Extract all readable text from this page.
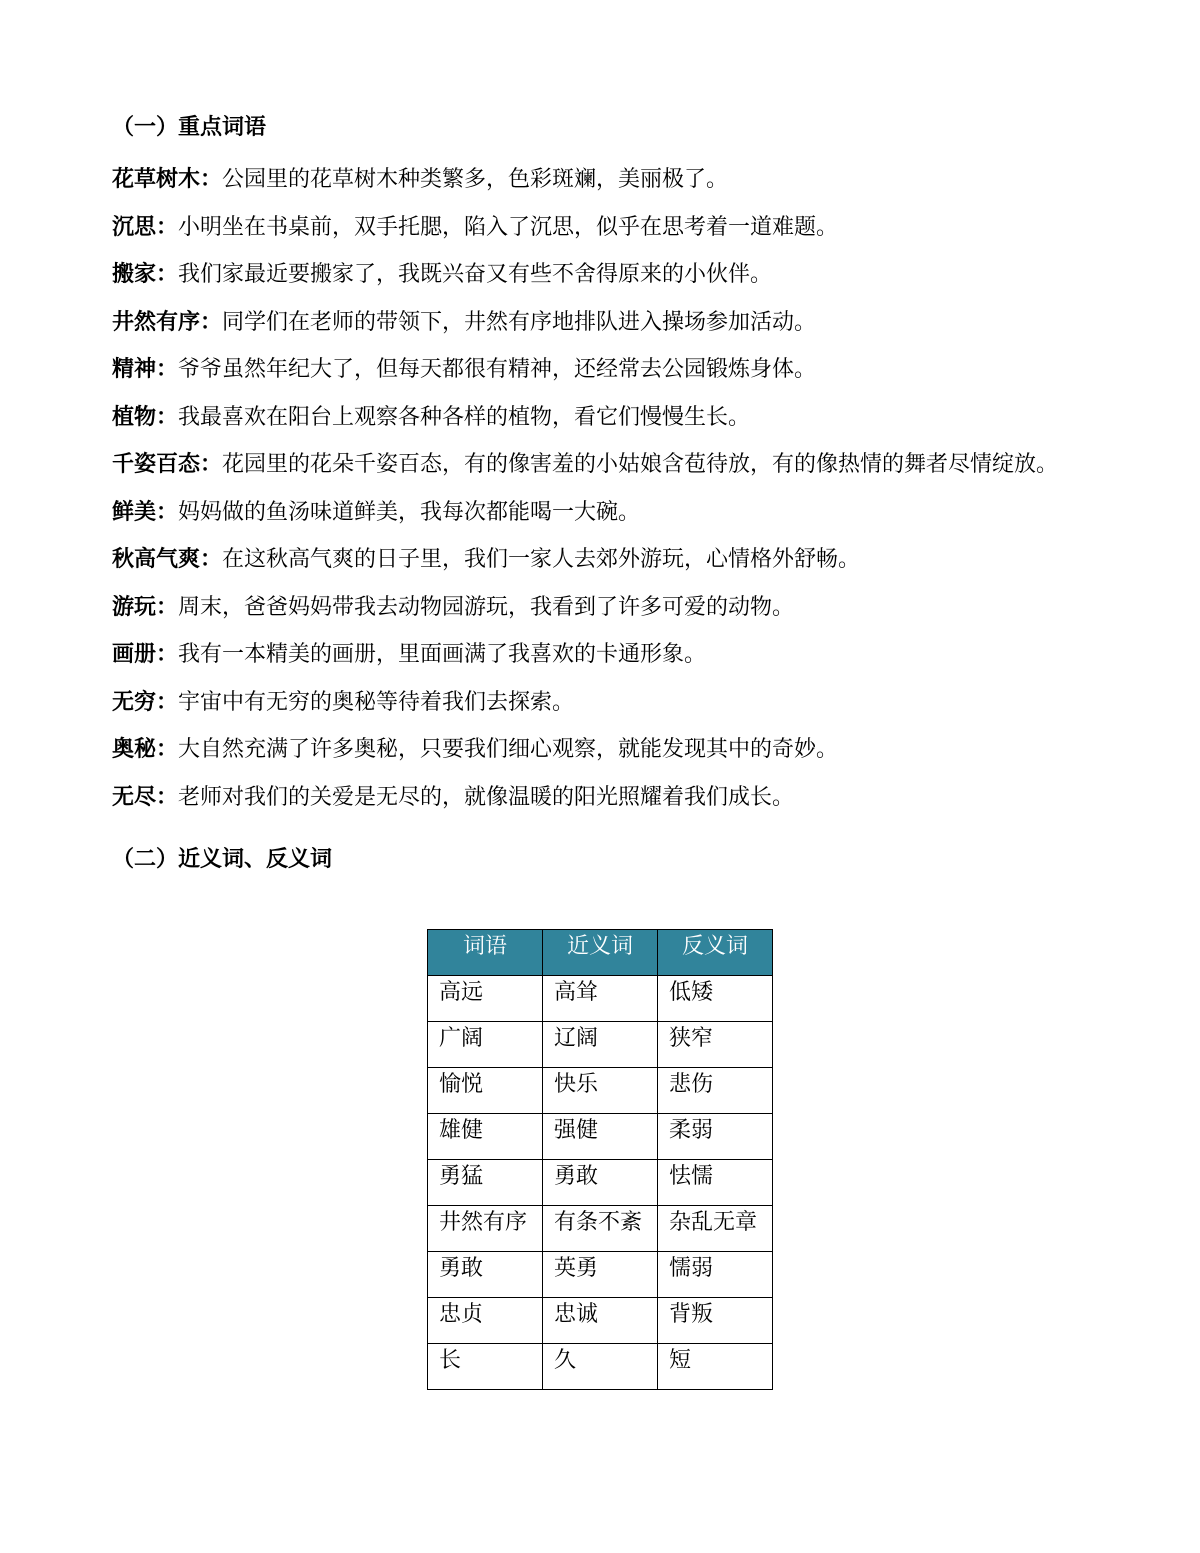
（一）重点词语
花草树木：公园里的花草树木种类繁多，色彩斑斓，美丽极了。
沉思：小明坐在书桌前，双手托腮，陷入了沉思，似乎在思考着一道难题。
搬家：我们家最近要搬家了，我既兴奋又有些不舍得原来的小伙伴。
井然有序：同学们在老师的带领下，井然有序地排队进入操场参加活动。
精神：爷爷虽然年纪大了，但每天都很有精神，还经常去公园锻炼身体。
植物：我最喜欢在阳台上观察各种各样的植物，看它们慢慢生长。
千姿百态：花园里的花朵千姿百态，有的像害羞的小姑娘含苞待放，有的像热情的舞者尽情绽放。
鲜美：妈妈做的鱼汤味道鲜美，我每次都能喝一大碗。
秋高气爽：在这秋高气爽的日子里，我们一家人去郊外游玩，心情格外舒畅。
游玩：周末，爸爸妈妈带我去动物园游玩，我看到了许多可爱的动物。
画册：我有一本精美的画册，里面画满了我喜欢的卡通形象。
无穷：宇宙中有无穷的奥秘等待着我们去探索。
奥秘：大自然充满了许多奥秘，只要我们细心观察，就能发现其中的奇妙。
无尽：老师对我们的关爱是无尽的，就像温暖的阳光照耀着我们成长。
（二）近义词、反义词
词语	近义词	反义词
高远	高耸	低矮
广阔	辽阔	狭窄
愉悦	快乐	悲伤
雄健	强健	柔弱
勇猛	勇敢	怯懦
井然有序	有条不紊	杂乱无章
勇敢	英勇	懦弱
忠贞	忠诚	背叛
长	久	短
